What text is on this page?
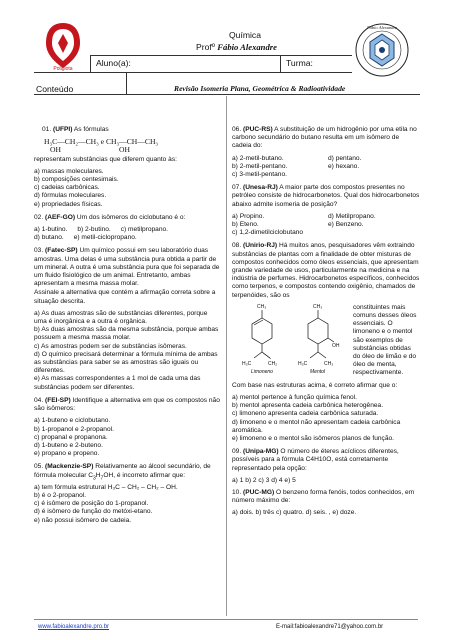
Poliglota
Fábio Alexandre
Química
Profº Fábio Alexandre
Aluno(a):	Turma:
Conteúdo	Revisão Isomeria Plana, Geométrica & Radioatividade

01. (UFPI) As fórmulas

H₃C—CH₂—CH₃ e CH₃—CH—CH₃
OH	OH

representam substâncias que diferem quanto às:

a) massas moleculares.
b) composições centesimais.
c) cadeias carbônicas.
d) fórmulas moleculares.
e) propriedades físicas.

02. (AEF-GO) Um dos isômeros do ciclobutano é o:

a) 1-butino. b) 2-butino. c) metilpropano.
d) butano. e) metil-ciclopropano.

03. (Fatec-SP) Um químico possui em seu laboratório duas amostras. Uma delas é uma substância pura obtida a partir de um mineral. A outra é uma substância pura que foi separada de um fluido fisiológico de um animal. Entretanto, ambas apresentam a mesma massa molar.

Assinale a alternativa que contém a afirmação correta sobre a situação descrita.

a) As duas amostras são de substâncias diferentes, porque uma é inorgânica e a outra é orgânica.
b) As duas amostras são da mesma substância, porque ambas possuem a mesma massa molar.
c) As amostras podem ser de substâncias isômeras.
d) O químico precisará determinar a fórmula mínima de ambas as substâncias para saber se as amostras são iguais ou diferentes.
e) As massas correspondentes a 1 mol de cada uma das substâncias podem ser diferentes.

04. (FEI-SP) Identifique a alternativa em que os compostos não são isômeros:

a) 1-buteno e ciclobutano.
b) 1-propanol e 2-propanol.
c) propanal e propanona.
d) 1-buteno e 2-buteno.
e) propano e propeno.

05. (Mackenzie-SP) Relativamente ao álcool secundário, de fórmula molecular $C_3H_7OH$, é incorreto afirmar que:

a) tem fórmula estrutural H₃C – CH₂ – CH₂ – OH.
b) é o 2-propanol.
c) é isômero de posição do 1-propanol.
d) é isômero de função do metóxi-etano.
e) não possui isômero de cadeia.

06. (PUC-RS) A substituição de um hidrogênio por uma etila no carbono secundário do butano resulta em um isômero de cadeia do:

a) 2-metil-butano.	d) pentano.
b) 2-metil-pentano.	e) hexano.
c) 3-metil-pentano.

07. (Unesa-RJ) A maior parte dos compostos presentes no petróleo consiste de hidrocarbonetos. Qual dos hidrocarbonetos abaixo admite isomeria de posição?

a) Propino.	d) Metilpropano.
b) Eteno.	e) Benzeno.
c) 1,2-dimetilciclobutano

08. (Unirio-RJ) Há muitos anos, pesquisadores vêm extraindo substâncias de plantas com a finalidade de obter misturas de compostos conhecidos como óleos essenciais, que apresentam grande variedade de usos, particularmente na medicina e na indústria de perfumes. Hidrocarbonetos específicos, conhecidos como terpenos, e compostos contendo oxigênio, chamados de terpenóides, são os

CH₃
H₃C	CH₂
Limoneno
CH₃
OH
H₃C	CH₃
Mentol
constituintes mais comuns desses óleos essenciais. O limoneno e o mentol são exemplos de substâncias obtidas do óleo de limão e do óleo de menta, respectivamente.

Com base nas estruturas acima, é correto afirmar que o:

a) mentol pertence à função química fenol.
b) mentol apresenta cadeia carbônica heterogênea.
c) limoneno apresenta cadeia carbônica saturada.
d) limoneno e o mentol não apresentam cadeia carbônica aromática.
e) limoneno e o mentol são isômeros planos de função.

09. (Unipa-MG) O número de éteres acíclicos diferentes, possíveis para a fórmula C4H10O, está corretamente representado pela opção:

a) 1 b) 2 c) 3 d) 4 e) 5

10. (PUC-MG) O benzeno forma fenóis, todos conhecidos, em número máximo de:

a) dois. b) três c) quatro. d) seis. , e) doze.

www.fabioalexandre.pro.br	E-mail:fabioalexandre71@yahoo.com.br
